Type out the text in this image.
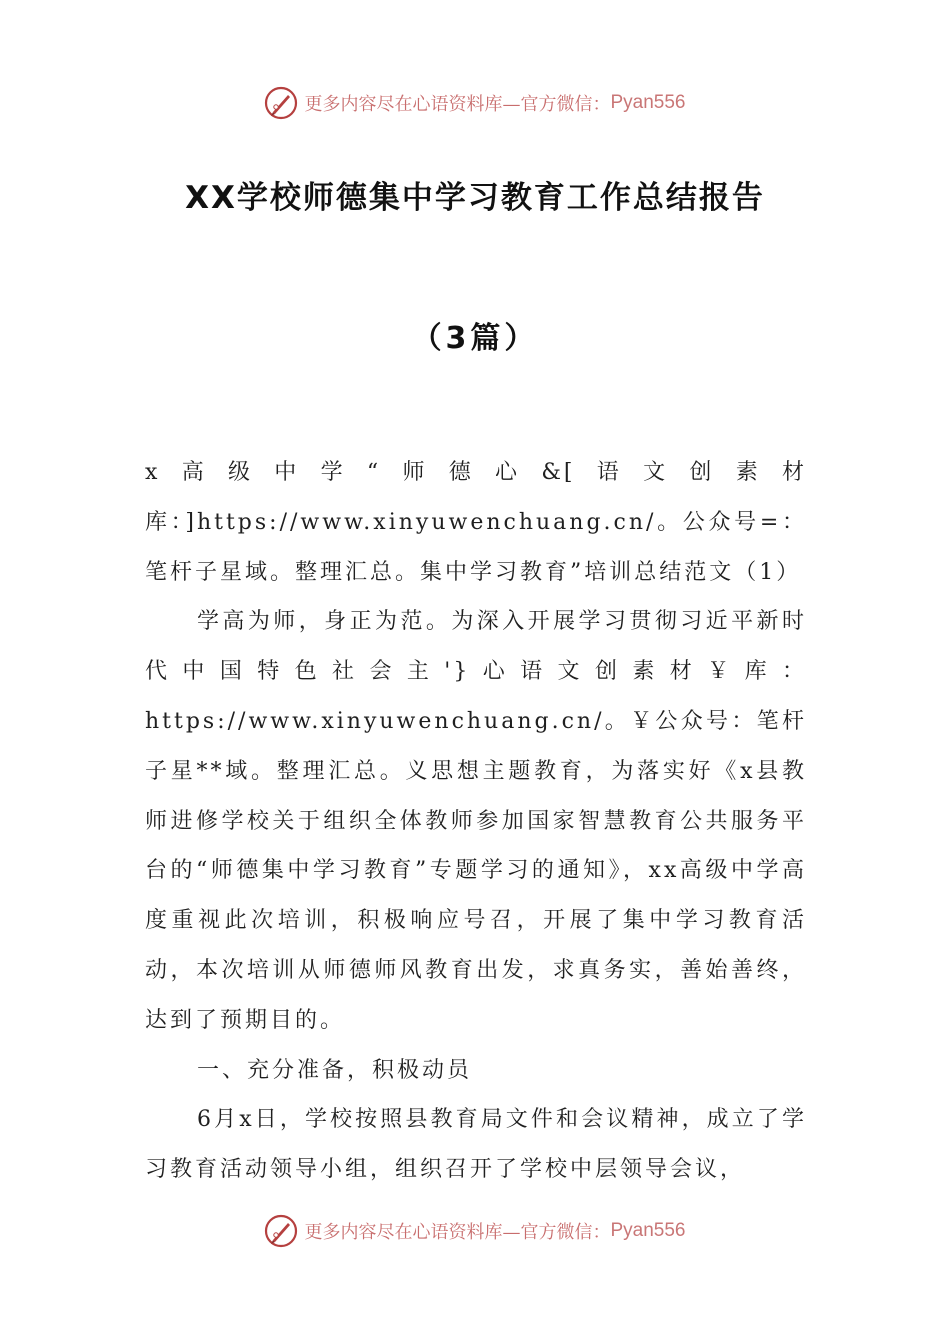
更多内容尽在心语资料库—官方微信： Pyan556
XX学校师德集中学习教育工作总结报告
（3篇）

x高级中学“师德心&[语文创素材库：]https://www.xinyuwenchuang.cn/。公众号=：笔杆子星域。整理汇总。集中学习教育”培训总结范文（1）

学高为师，身正为范。为深入开展学习贯彻习近平新时代中国特色社会主'}心语文创素材￥库：https://www.xinyuwenchuang.cn/。￥公众号：笔杆子星**域。整理汇总。义思想主题教育，为落实好《x县教师进修学校关于组织全体教师参加国家智慧教育公共服务平台的“师德集中学习教育”专题学习的通知》，xx高级中学高度重视此次培训，积极响应号召，开展了集中学习教育活动，本次培训从师德师风教育出发，求真务实，善始善终，达到了预期目的。

一、充分准备，积极动员

6月x日，学校按照县教育局文件和会议精神，成立了学习教育活动领导小组，组织召开了学校中层领导会议，

更多内容尽在心语资料库—官方微信： Pyan556
